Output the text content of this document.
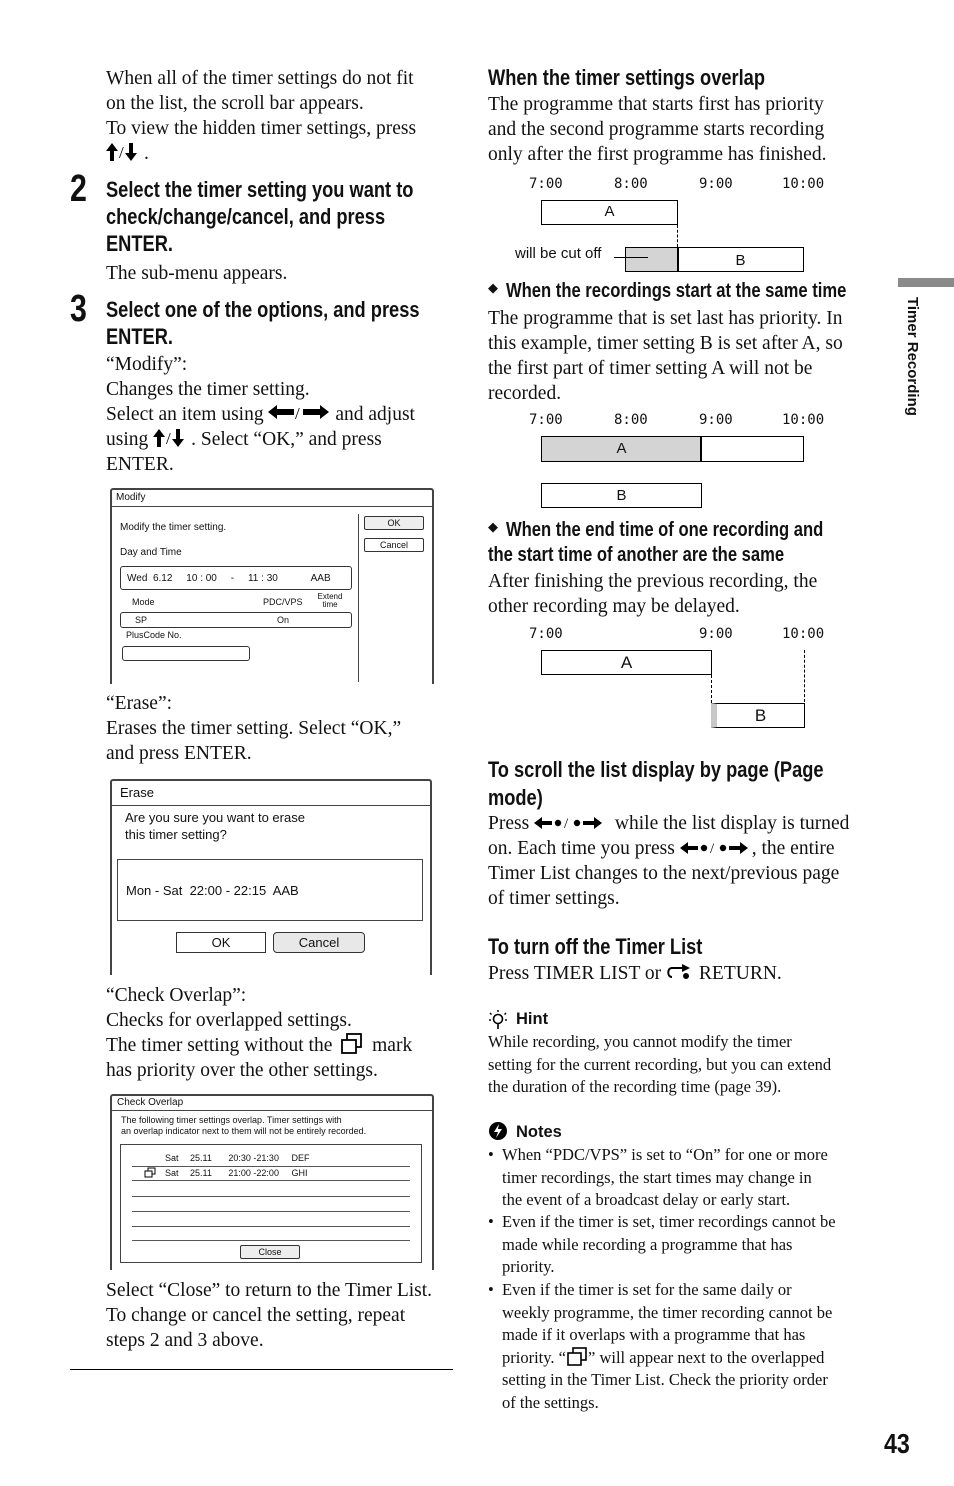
When all of the timer settings do not fit
on the list, the scroll bar appears.
To view the hidden timer settings, press
/ .
2 Select the timer setting you want to
check/change/cancel, and press
ENTER.
The sub-menu appears.
3 Select one of the options, and press
ENTER.
“Modify”:
Changes the timer setting.
Select an item using / and adjust
using / . Select “OK,” and press
ENTER.
Modify
Modify the timer setting.
Day and Time
Wed  6.12     10 : 00     -     11 : 30            AAB
Mode	PDC/VPS
Extend time
SP	On
PlusCode No.
OK
Cancel
“Erase”:
Erases the timer setting. Select “OK,”
and press ENTER.
Erase
Are you sure you want to erase
this timer setting?
Mon - Sat  22:00 - 22:15  AAB
OK	Cancel
“Check Overlap”:
Checks for overlapped settings.
The timer setting without the mark
has priority over the other settings.
Check Overlap
The following timer settings overlap. Timer settings with
an overlap indicator next to them will not be entirely recorded.
Sat 25.11 20:30 -21:30 DEF
Sat 25.11 21:00 -22:00 GHI
Close
Select “Close” to return to the Timer List.
To change or cancel the setting, repeat
steps 2 and 3 above.
When the timer settings overlap
The programme that starts first has priority
and the second programme starts recording
only after the first programme has finished.
7:00	8:00	9:00	10:00
A
B
will be cut off
◆ When the recordings start at the same time
The programme that is set last has priority. In
this example, timer setting B is set after A, so
the first part of timer setting A will not be
recorded.
7:00	8:00	9:00	10:00
A
B
◆ When the end time of one recording and
the start time of another are the same
After finishing the previous recording, the
other recording may be delayed.
7:00	9:00	10:00
A
B
To scroll the list display by page (Page
mode)
Press / while the list display is turned
on. Each time you press / , the entire
Timer List changes to the next/previous page
of timer settings.
To turn off the Timer List
Press TIMER LIST or RETURN.
Hint
While recording, you cannot modify the timer
setting for the current recording, but you can extend
the duration of the recording time (page 39).
Notes
• When “PDC/VPS” is set to “On” for one or more
timer recordings, the start times may change in
the event of a broadcast delay or early start.
• Even if the timer is set, timer recordings cannot be
made while recording a programme that has
priority.
• Even if the timer is set for the same daily or
weekly programme, the timer recording cannot be
made if it overlaps with a programme that has
priority. “ ” will appear next to the overlapped
setting in the Timer List. Check the priority order
of the settings.
Timer Recording
43
